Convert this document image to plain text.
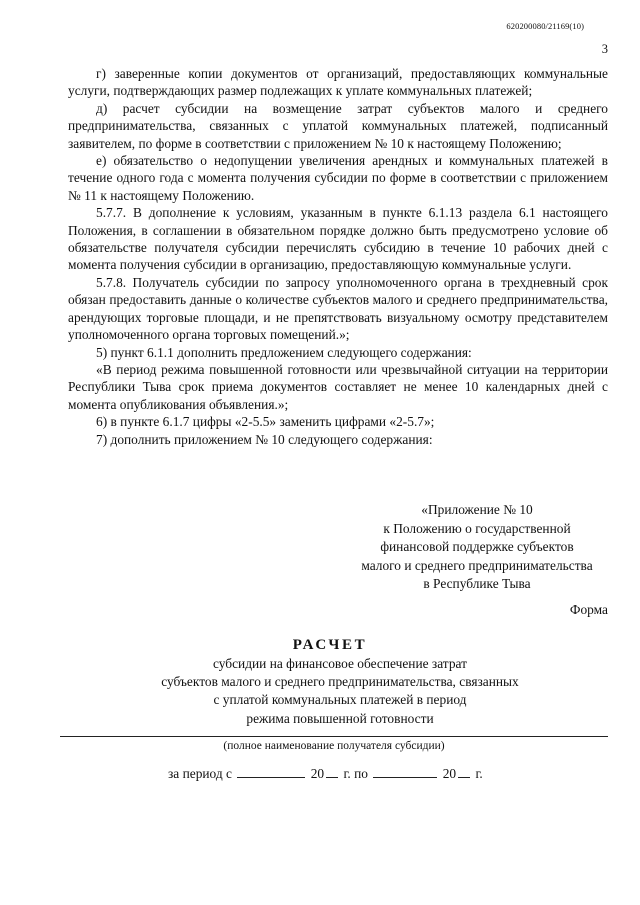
620200080/21169(10)
3

г) заверенные копии документов от организаций, предоставляющих коммунальные услуги, подтверждающих размер подлежащих к уплате коммунальных платежей;

д) расчет субсидии на возмещение затрат субъектов малого и среднего предпринимательства, связанных с уплатой коммунальных платежей, подписанный заявителем, по форме в соответствии с приложением № 10 к настоящему Положению;

е) обязательство о недопущении увеличения арендных и коммунальных платежей в течение одного года с момента получения субсидии по форме в соответствии с приложением № 11 к настоящему Положению.

5.7.7. В дополнение к условиям, указанным в пункте 6.1.13 раздела 6.1 настоящего Положения, в соглашении в обязательном порядке должно быть предусмотрено условие об обязательстве получателя субсидии перечислять субсидию в течение 10 рабочих дней с момента получения субсидии в организацию, предоставляющую коммунальные услуги.

5.7.8. Получатель субсидии по запросу уполномоченного органа в трехдневный срок обязан предоставить данные о количестве субъектов малого и среднего предпринимательства, арендующих торговые площади, и не препятствовать визуальному осмотру представителем уполномоченного органа торговых помещений.»;

5) пункт 6.1.1 дополнить предложением следующего содержания:

«В период режима повышенной готовности или чрезвычайной ситуации на территории Республики Тыва срок приема документов составляет не менее 10 календарных дней с момента опубликования объявления.»;

6) в пункте 6.1.7 цифры «2-5.5» заменить цифрами «2-5.7»;

7) дополнить приложением № 10 следующего содержания:

«Приложение № 10
к Положению о государственной
финансовой поддержке субъектов
малого и среднего предпринимательства
в Республике Тыва
Форма
РАСЧЕТ
субсидии на финансовое обеспечение затрат
субъектов малого и среднего предпринимательства, связанных
с уплатой коммунальных платежей в период
режима повышенной готовности
(полное наименование получателя субсидии)
за период с	20 г. по	20 г.
